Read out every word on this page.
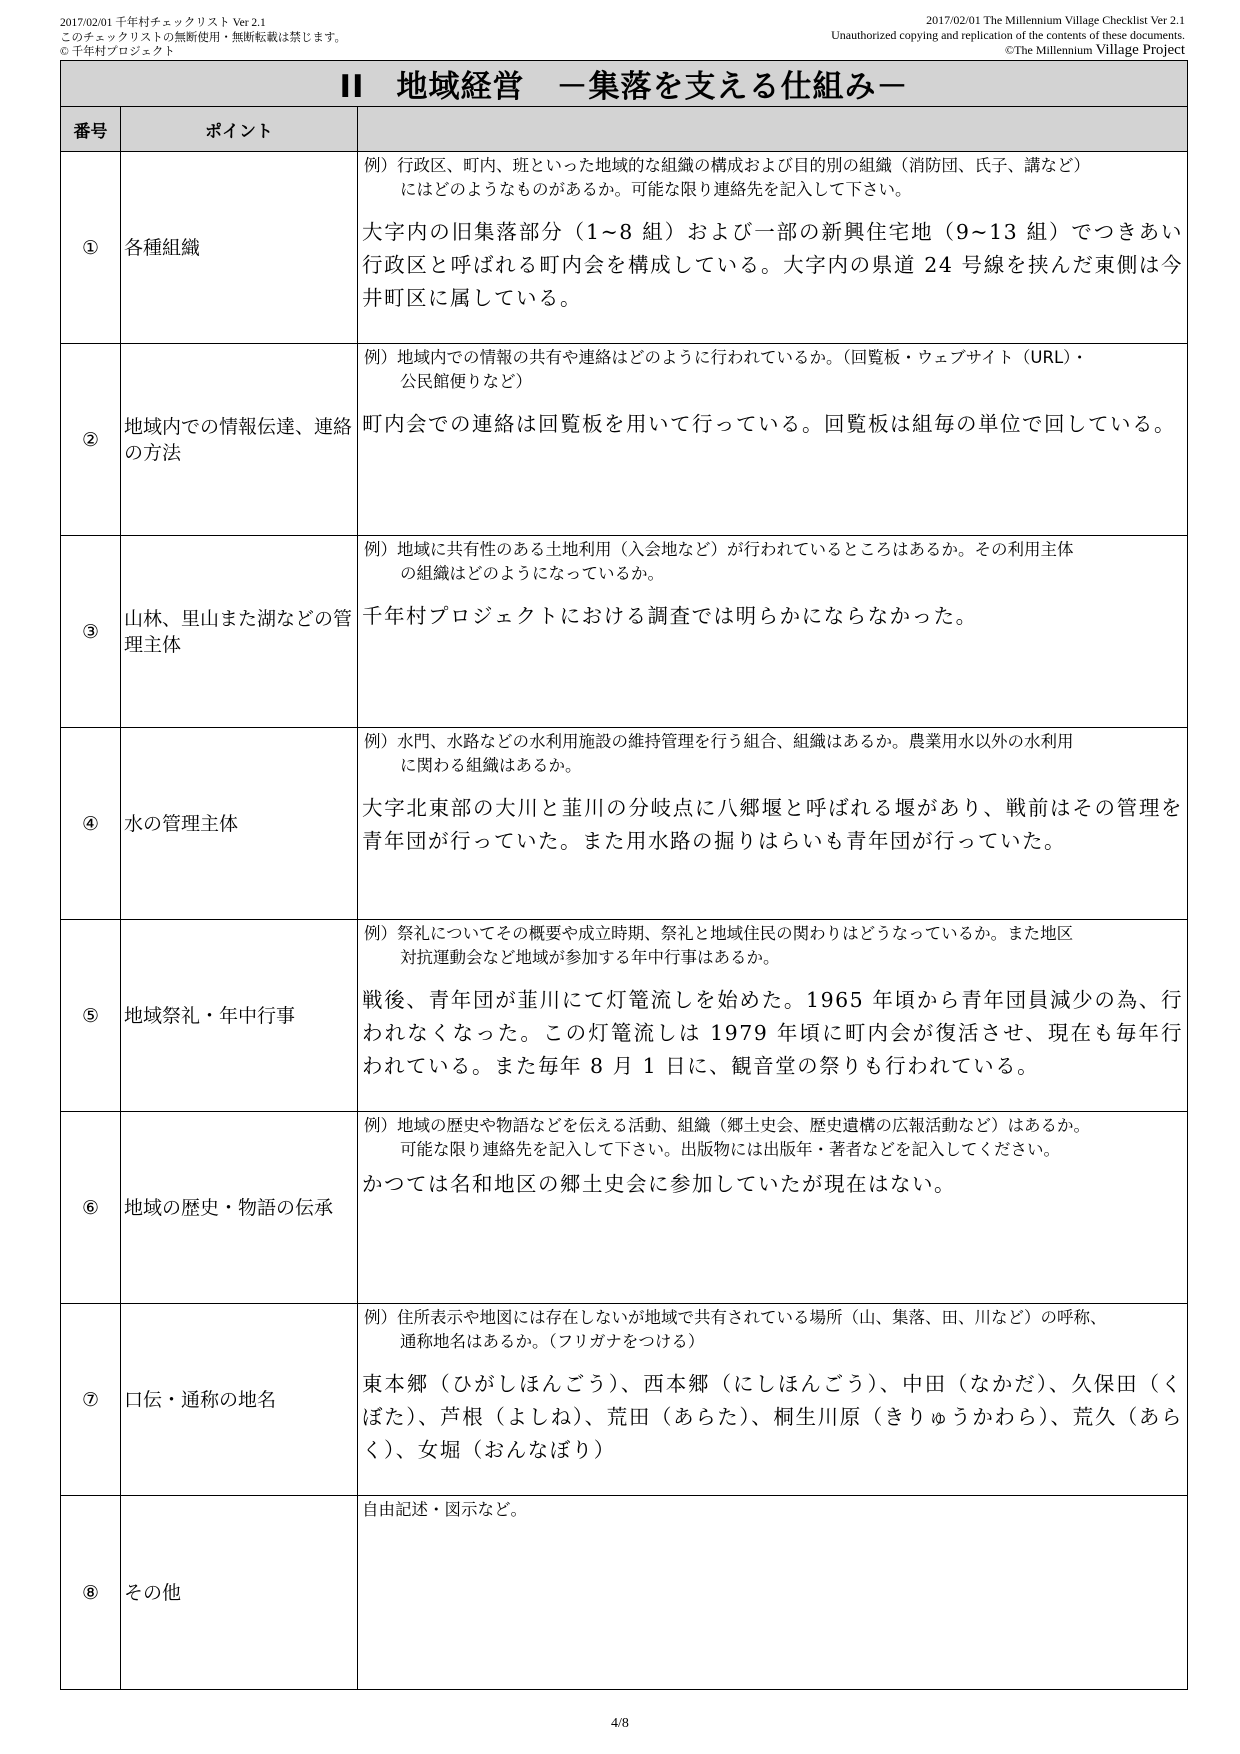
2017/02/01 千年村チェックリスト Ver 2.1
このチェックリストの無断使用・無断転載は禁じます。
© 千年村プロジェクト
2017/02/01 The Millennium Village Checklist Ver 2.1
Unauthorized copying and replication of the contents of these documents.
©The Millennium Village Project
II　地域経営　－集落を支える仕組み－		
番号	ポイント	
①	各種組織	例）行政区、町内、班といった地域的な組織の構成および目的別の組織（消防団、氏子、講など）
にはどのようなものがあるか。可能な限り連絡先を記入して下さい。
大字内の旧集落部分（1~8 組）および一部の新興住宅地（9~13 組）でつきあい行政区と呼ばれる町内会を構成している。大字内の県道 24 号線を挟んだ東側は今井町区に属している。

②	地域内での情報伝達、連絡の方法	例）地域内での情報の共有や連絡はどのように行われているか。（回覧板・ウェブサイト（URL）・
公民館便りなど）
町内会での連絡は回覧板を用いて行っている。回覧板は組毎の単位で回している。

③	山林、里山また湖などの管理主体	例）地域に共有性のある土地利用（入会地など）が行われているところはあるか。その利用主体
の組織はどのようになっているか。
千年村プロジェクトにおける調査では明らかにならなかった。

④	水の管理主体	例）水門、水路などの水利用施設の維持管理を行う組合、組織はあるか。農業用水以外の水利用
に関わる組織はあるか。
大字北東部の大川と韮川の分岐点に八郷堰と呼ばれる堰があり、戦前はその管理を青年団が行っていた。また用水路の掘りはらいも青年団が行っていた。

⑤	地域祭礼・年中行事	例）祭礼についてその概要や成立時期、祭礼と地域住民の関わりはどうなっているか。また地区
対抗運動会など地域が参加する年中行事はあるか。
戦後、青年団が韮川にて灯篭流しを始めた。1965 年頃から青年団員減少の為、行われなくなった。この灯篭流しは 1979 年頃に町内会が復活させ、現在も毎年行われている。また毎年 8 月 1 日に、観音堂の祭りも行われている。

⑥	地域の歴史・物語の伝承	例）地域の歴史や物語などを伝える活動、組織（郷土史会、歴史遺構の広報活動など）はあるか。
可能な限り連絡先を記入して下さい。出版物には出版年・著者などを記入してください。
かつては名和地区の郷土史会に参加していたが現在はない。

⑦	口伝・通称の地名	例）住所表示や地図には存在しないが地域で共有されている場所（山、集落、田、川など）の呼称、
通称地名はあるか。（フリガナをつける）
東本郷（ひがしほんごう）、西本郷（にしほんごう）、中田（なかだ）、久保田（くぼた）、芦根（よしね）、荒田（あらた）、桐生川原（きりゅうかわら）、荒久（あらく）、女堀（おんなぼり）

⑧	その他	自由記述・図示など。
4/8
